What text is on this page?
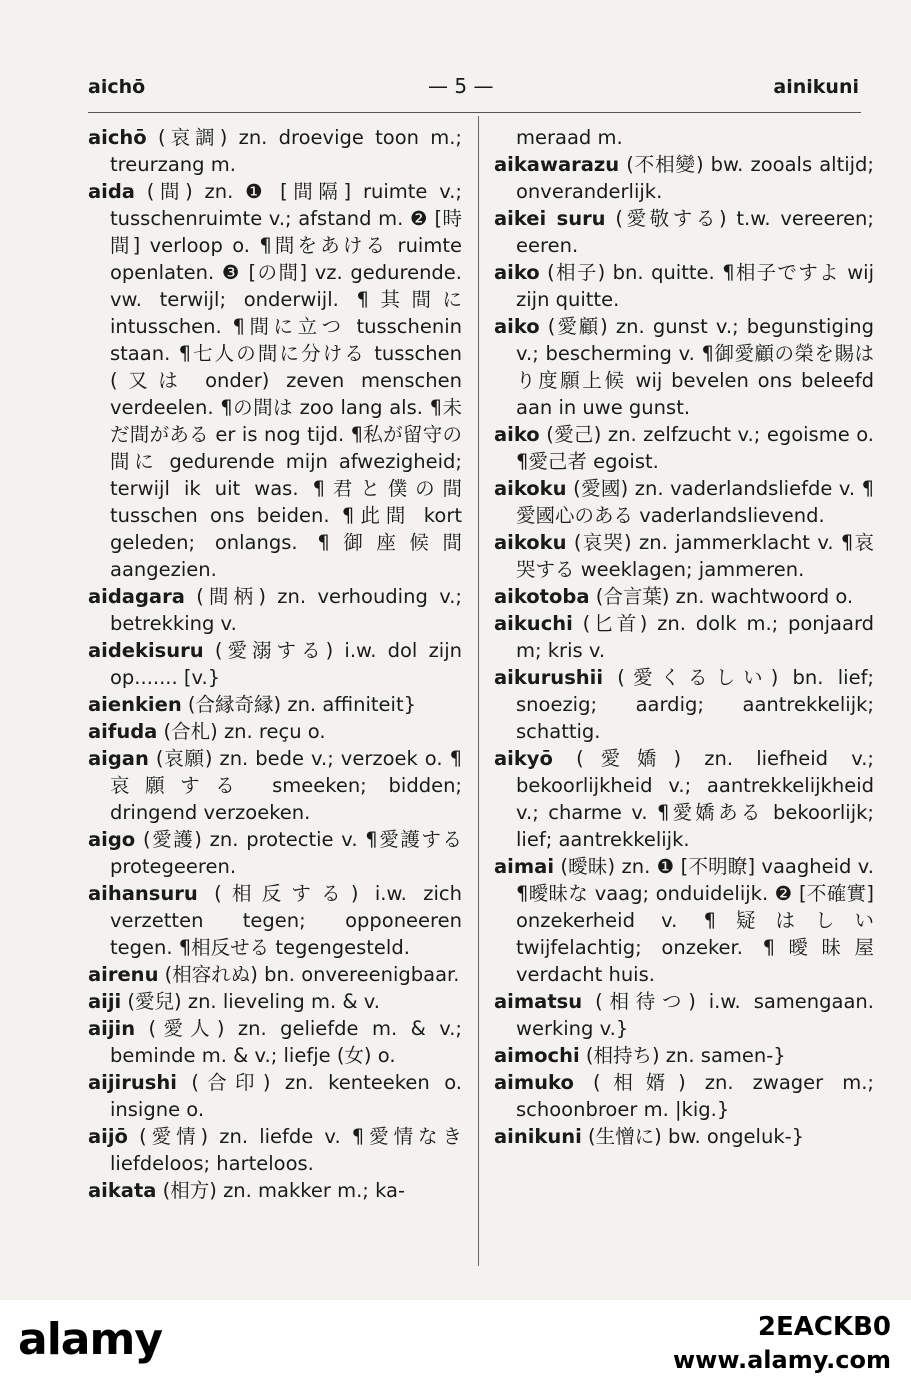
aichō	— 5 —	ainikuni

aichō (哀調) zn. droevige toon m.; treurzang m.

aida (間) zn. ❶ [間隔] ruimte v.; tusschenruimte v.; afstand m. ❷ [時間] verloop o. ¶間をあける ruimte openlaten. ❸ [の間] vz. gedurende. vw. terwijl; onderwijl. ¶其間に intusschen. ¶間に立つ tusschenin staan. ¶七人の間に分ける tusschen (又は onder) zeven menschen verdeelen. ¶の間は zoo lang als. ¶未だ間がある er is nog tijd. ¶私が留守の間に gedurende mijn afwezigheid; terwijl ik uit was. ¶君と僕の間 tusschen ons beiden. ¶此間 kort geleden; onlangs. ¶御座候間 aangezien.

aidagara (間柄) zn. verhouding v.; betrekking v.

aidekisuru (愛溺する) i.w. dol zijn op....... [v.}

aienkien (合縁奇縁) zn. affiniteit}

aifuda (合札) zn. reçu o.

aigan (哀願) zn. bede v.; verzoek o. ¶哀願する smeeken; bidden; dringend verzoeken.

aigo (愛護) zn. protectie v. ¶愛護する protegeeren.

aihansuru (相反する) i.w. zich verzetten tegen; opponeeren tegen. ¶相反せる tegengesteld.

airenu (相容れぬ) bn. onvereenigbaar.

aiji (愛兒) zn. lieveling m. & v.

aijin (愛人) zn. geliefde m. & v.; beminde m. & v.; liefje (女) o.

aijirushi (合印) zn. kenteeken o. insigne o.

aijō (愛情) zn. liefde v. ¶愛情なき liefdeloos; harteloos.

aikata (相方) zn. makker m.; ka-

meraad m.

aikawarazu (不相變) bw. zooals altijd; onveranderlijk.

aikei suru (愛敬する) t.w. vereeren; eeren.

aiko (相子) bn. quitte. ¶相子ですよ wij zijn quitte.

aiko (愛顧) zn. gunst v.; begunstiging v.; bescherming v. ¶御愛顧の榮を賜はり度願上候 wij bevelen ons beleefd aan in uwe gunst.

aiko (愛己) zn. zelfzucht v.; egoisme o. ¶愛己者 egoist.

aikoku (愛國) zn. vaderlandsliefde v. ¶愛國心のある vaderlandslievend.

aikoku (哀哭) zn. jammerklacht v. ¶哀哭する weeklagen; jammeren.

aikotoba (合言葉) zn. wachtwoord o.

aikuchi (匕首) zn. dolk m.; ponjaard m; kris v.

aikurushii (愛くるしい) bn. lief; snoezig; aardig; aantrekkelijk; schattig.

aikyō (愛嬌) zn. liefheid v.; bekoorlijkheid v.; aantrekkelijkheid v.; charme v. ¶愛嬌ある bekoorlijk; lief; aantrekkelijk.

aimai (曖昧) zn. ❶ [不明瞭] vaagheid v. ¶曖昧な vaag; onduidelijk. ❷ [不確實] onzekerheid v. ¶疑はしい twijfelachtig; onzeker. ¶曖昧屋 verdacht huis.

aimatsu (相待つ) i.w. samengaan. werking v.}

aimochi (相持ち) zn. samen-}

aimuko (相婿) zn. zwager m.; schoonbroer m. |kig.}

ainikuni (生憎に) bw. ongeluk-}

alamy	2EACKB0
www.alamy.com
